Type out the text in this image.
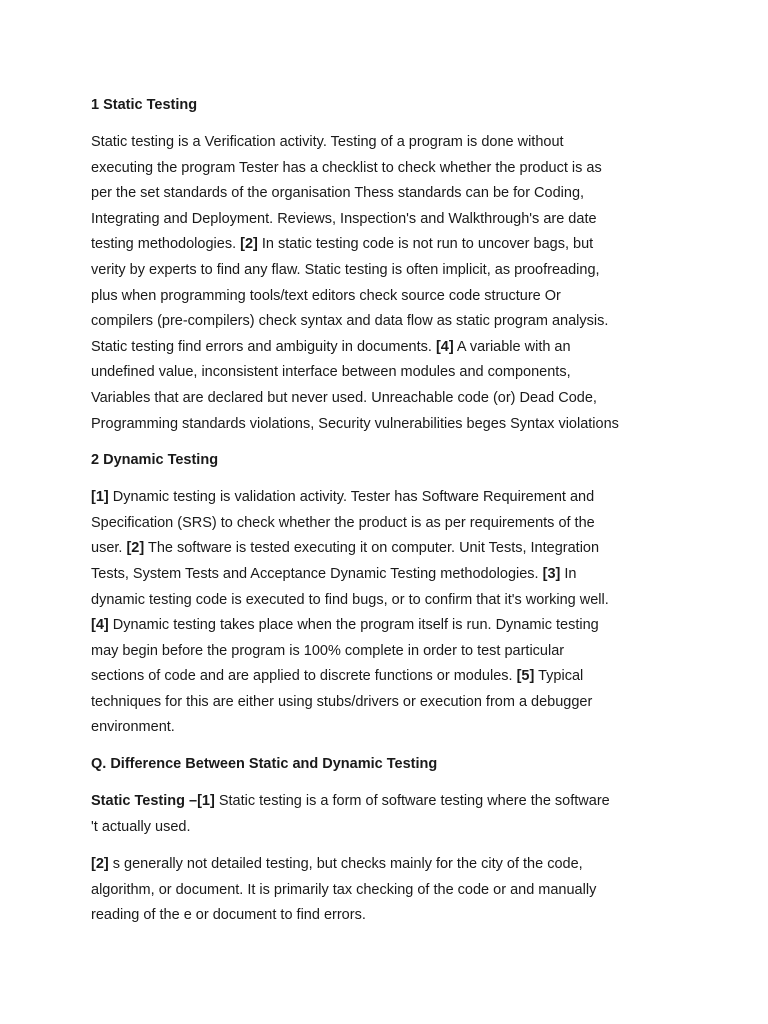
1 Static Testing
Static testing is a Verification activity. Testing of a program is done without
executing the program Tester has a checklist to check whether the product is as
per the set standards of the organisation Thess standards can be for Coding,
Integrating and Deployment. Reviews, Inspection's and Walkthrough's are date
testing methodologies. [2] In static testing code is not run to uncover bags, but
verity by experts to find any flaw. Static testing is often implicit, as proofreading,
plus when programming tools/text editors check source code structure Or
compilers (pre-compilers) check syntax and data flow as static program analysis.
Static testing find errors and ambiguity in documents. [4] A variable with an
undefined value, inconsistent interface between modules and components,
Variables that are declared but never used. Unreachable code (or) Dead Code,
Programming standards violations, Security vulnerabilities beges Syntax violations
2 Dynamic Testing
[1] Dynamic testing is validation activity. Tester has Software Requirement and
Specification (SRS) to check whether the product is as per requirements of the
user. [2] The software is tested executing it on computer. Unit Tests, Integration
Tests, System Tests and Acceptance Dynamic Testing methodologies. [3] In
dynamic testing code is executed to find bugs, or to confirm that it's working well.
[4] Dynamic testing takes place when the program itself is run. Dynamic testing
may begin before the program is 100% complete in order to test particular
sections of code and are applied to discrete functions or modules. [5] Typical
techniques for this are either using stubs/drivers or execution from a debugger
environment.
Q. Difference Between Static and Dynamic Testing
Static Testing –[1] Static testing is a form of software testing where the software
't actually used.
[2] s generally not detailed testing, but checks mainly for the city of the code,
algorithm, or document. It is primarily tax checking of the code or and manually
reading of the e or document to find errors.
